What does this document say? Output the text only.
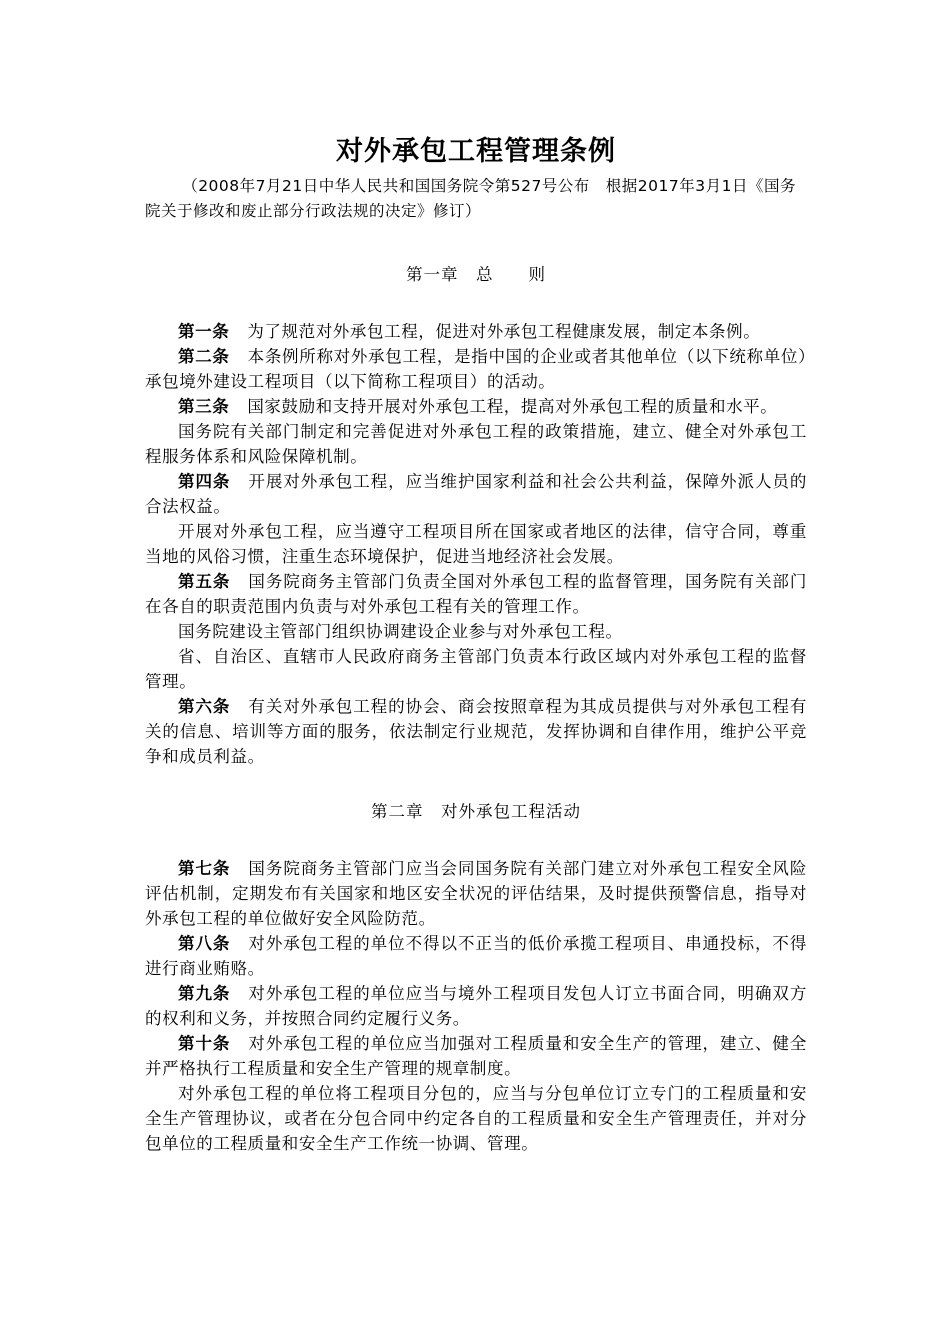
对外承包工程管理条例

（2008年7月21日中华人民共和国国务院令第527号公布　根据2017年3月1日《国务院关于修改和废止部分行政法规的决定》修订）

第一章　总　　则

第一条 为了规范对外承包工程，促进对外承包工程健康发展，制定本条例。

第二条 本条例所称对外承包工程，是指中国的企业或者其他单位（以下统称单位）承包境外建设工程项目（以下简称工程项目）的活动。

第三条 国家鼓励和支持开展对外承包工程，提高对外承包工程的质量和水平。

国务院有关部门制定和完善促进对外承包工程的政策措施，建立、健全对外承包工程服务体系和风险保障机制。

第四条 开展对外承包工程，应当维护国家利益和社会公共利益，保障外派人员的合法权益。

开展对外承包工程，应当遵守工程项目所在国家或者地区的法律，信守合同，尊重当地的风俗习惯，注重生态环境保护，促进当地经济社会发展。

第五条 国务院商务主管部门负责全国对外承包工程的监督管理，国务院有关部门在各自的职责范围内负责与对外承包工程有关的管理工作。

国务院建设主管部门组织协调建设企业参与对外承包工程。

省、自治区、直辖市人民政府商务主管部门负责本行政区域内对外承包工程的监督管理。

第六条 有关对外承包工程的协会、商会按照章程为其成员提供与对外承包工程有关的信息、培训等方面的服务，依法制定行业规范，发挥协调和自律作用，维护公平竞争和成员利益。

第二章　对外承包工程活动

第七条 国务院商务主管部门应当会同国务院有关部门建立对外承包工程安全风险评估机制，定期发布有关国家和地区安全状况的评估结果，及时提供预警信息，指导对外承包工程的单位做好安全风险防范。

第八条 对外承包工程的单位不得以不正当的低价承揽工程项目、串通投标，不得进行商业贿赂。

第九条 对外承包工程的单位应当与境外工程项目发包人订立书面合同，明确双方的权利和义务，并按照合同约定履行义务。

第十条 对外承包工程的单位应当加强对工程质量和安全生产的管理，建立、健全并严格执行工程质量和安全生产管理的规章制度。

对外承包工程的单位将工程项目分包的，应当与分包单位订立专门的工程质量和安全生产管理协议，或者在分包合同中约定各自的工程质量和安全生产管理责任，并对分包单位的工程质量和安全生产工作统一协调、管理。
